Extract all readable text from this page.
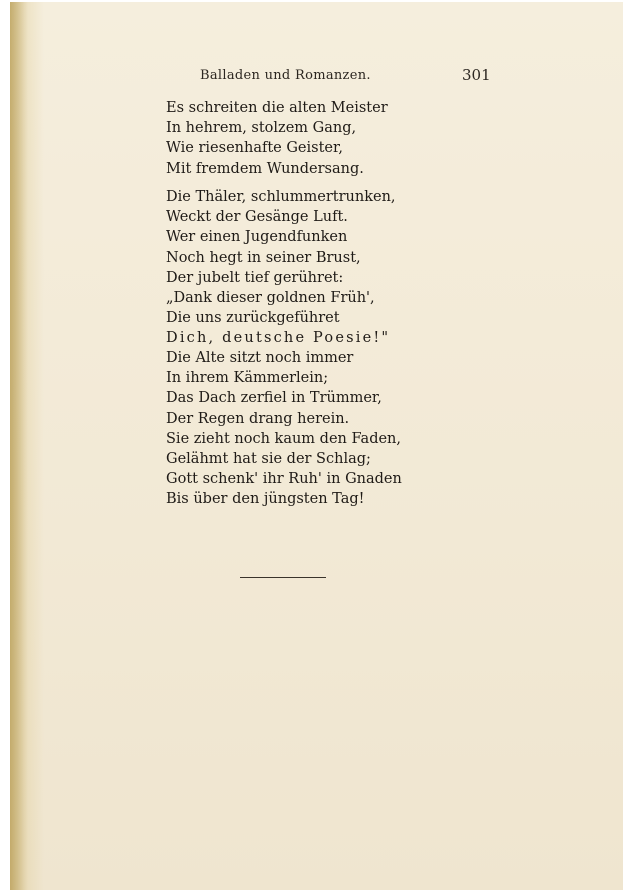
Balladen und Romanzen.	301
Es schreiten die alten Meister
In hehrem, stolzem Gang,
Wie riesenhafte Geister,
Mit fremdem Wundersang.
Die Thäler, schlummertrunken,
Weckt der Gesänge Luft.
Wer einen Jugendfunken
Noch hegt in seiner Brust,
Der jubelt tief gerühret:
„Dank dieser goldnen Früh',
Die uns zurückgeführet
Dich, deutsche Poesie!"
Die Alte sitzt noch immer
In ihrem Kämmerlein;
Das Dach zerfiel in Trümmer,
Der Regen drang herein.
Sie zieht noch kaum den Faden,
Gelähmt hat sie der Schlag;
Gott schenk' ihr Ruh' in Gnaden
Bis über den jüngsten Tag!
